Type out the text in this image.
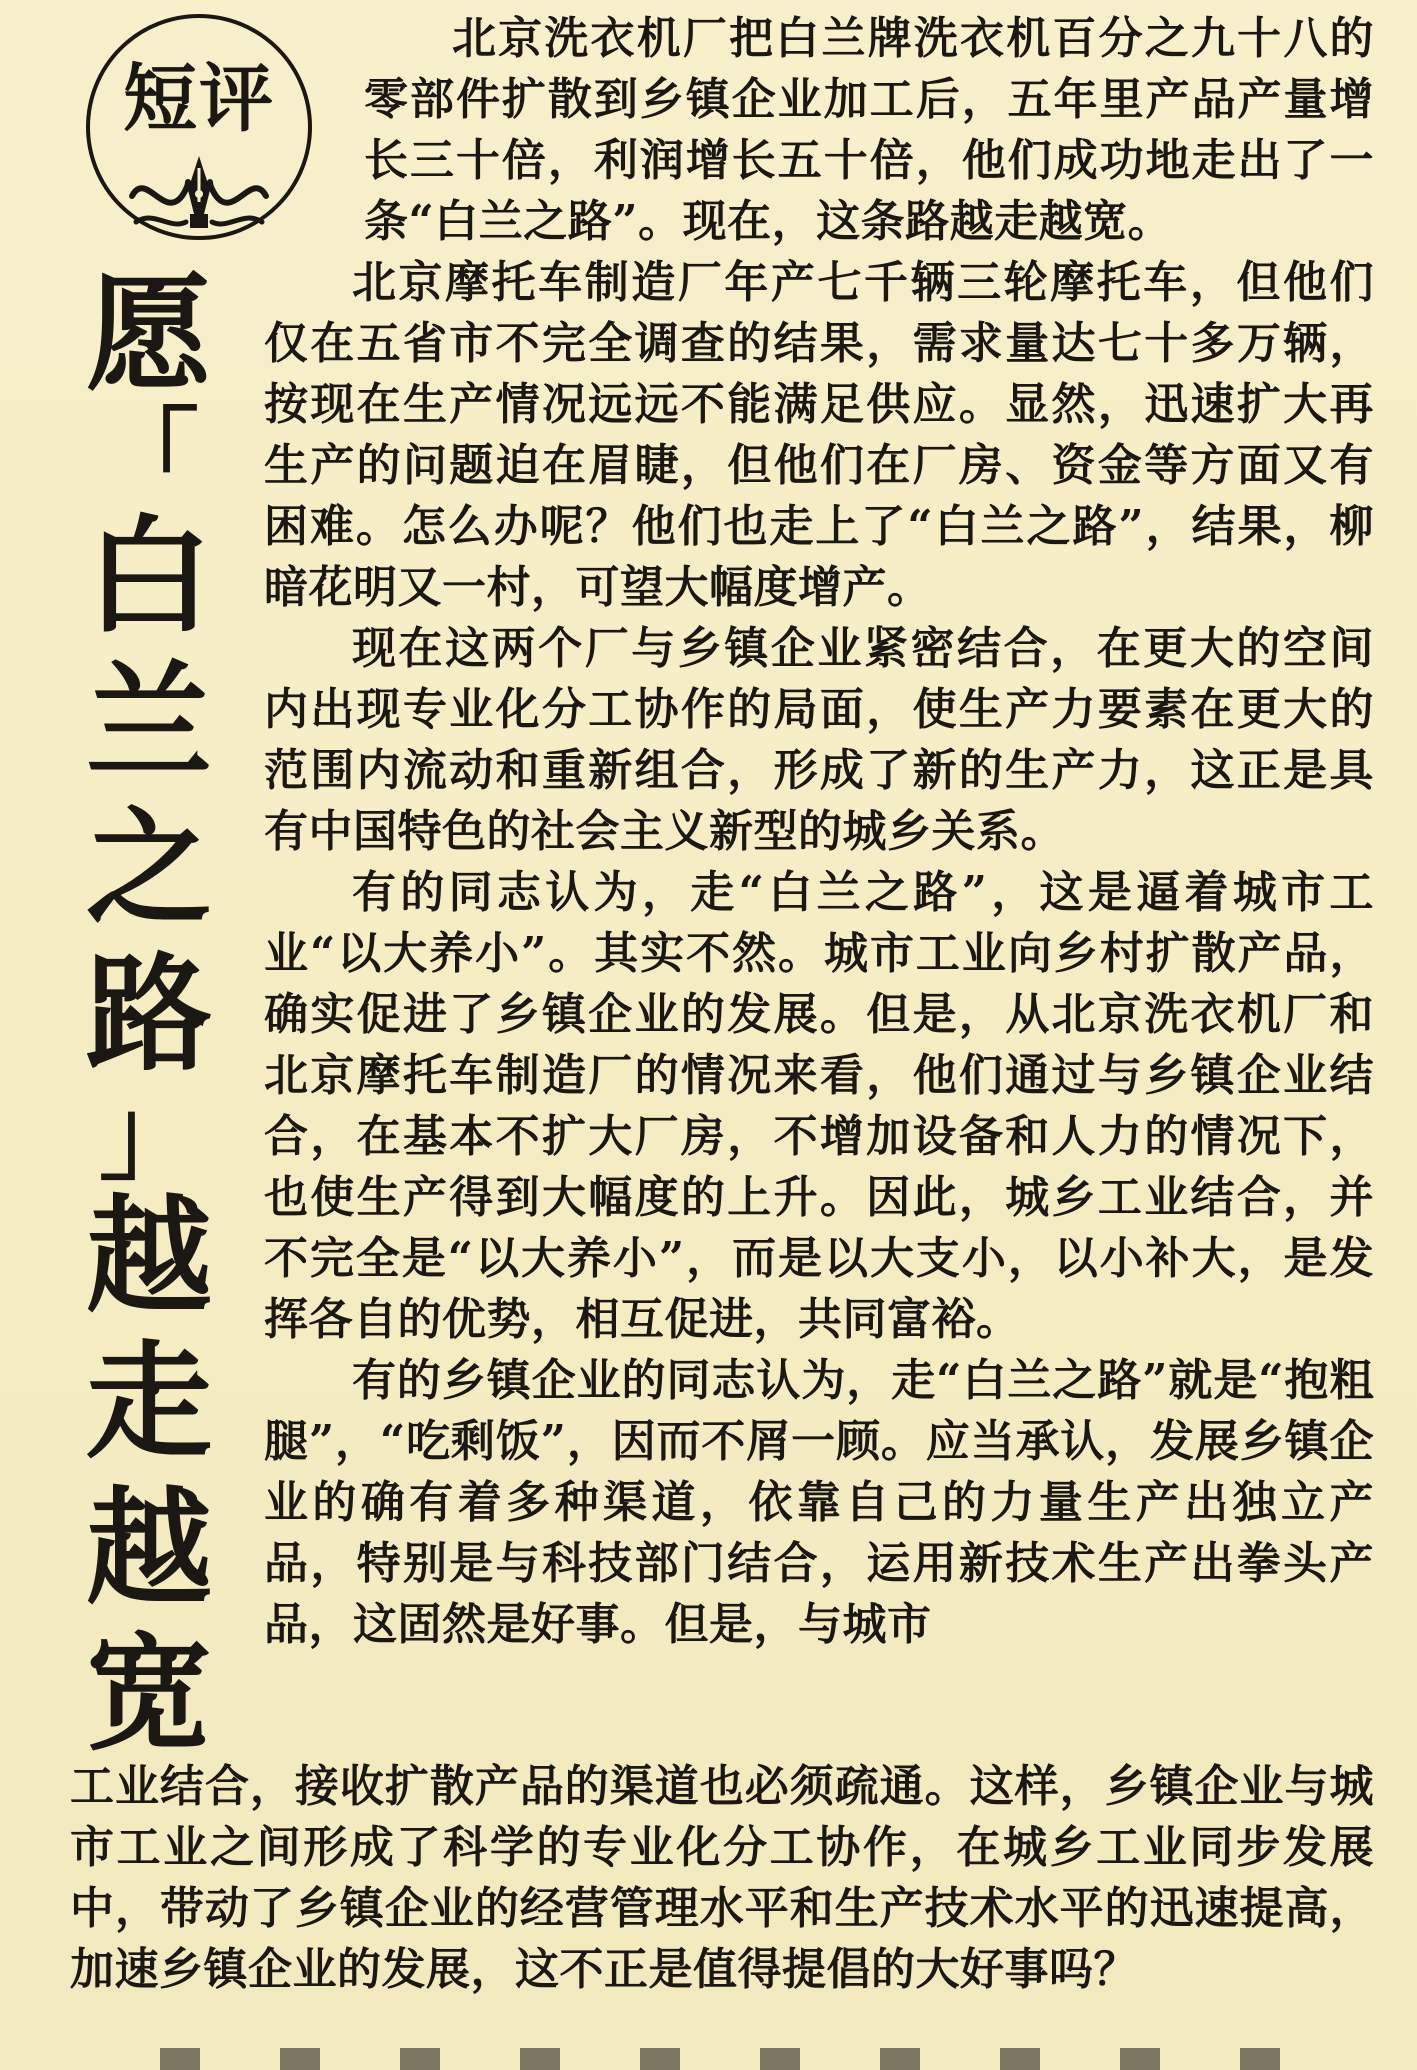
短评
愿
「
白
兰
之
路
」
越
走
越
宽

北京洗衣机厂把白兰牌洗衣机百分之九十八的零部件扩散到乡镇企业加工后，五年里产品产量增长三十倍，利润增长五十倍，他们成功地走出了一条“白兰之路”。现在，这条路越走越宽。

北京摩托车制造厂年产七千辆三轮摩托车，但他们仅在五省市不完全调查的结果，需求量达七十多万辆，按现在生产情况远远不能满足供应。显然，迅速扩大再生产的问题迫在眉睫，但他们在厂房、资金等方面又有困难。怎么办呢？他们也走上了“白兰之路”，结果，柳暗花明又一村，可望大幅度增产。

现在这两个厂与乡镇企业紧密结合，在更大的空间内出现专业化分工协作的局面，使生产力要素在更大的范围内流动和重新组合，形成了新的生产力，这正是具有中国特色的社会主义新型的城乡关系。

有的同志认为，走“白兰之路”，这是逼着城市工业“以大养小”。其实不然。城市工业向乡村扩散产品，确实促进了乡镇企业的发展。但是，从北京洗衣机厂和北京摩托车制造厂的情况来看，他们通过与乡镇企业结合，在基本不扩大厂房，不增加设备和人力的情况下，也使生产得到大幅度的上升。因此，城乡工业结合，并不完全是“以大养小”，而是以大支小，以小补大，是发挥各自的优势，相互促进，共同富裕。

有的乡镇企业的同志认为，走“白兰之路”就是“抱粗腿”，“吃剩饭”，因而不屑一顾。应当承认，发展乡镇企业的确有着多种渠道，依靠自己的力量生产出独立产品，特别是与科技部门结合，运用新技术生产出拳头产品，这固然是好事。但是，与城市

工业结合，接收扩散产品的渠道也必须疏通。这样，乡镇企业与城市工业之间形成了科学的专业化分工协作，在城乡工业同步发展中，带动了乡镇企业的经营管理水平和生产技术水平的迅速提高，加速乡镇企业的发展，这不正是值得提倡的大好事吗？
